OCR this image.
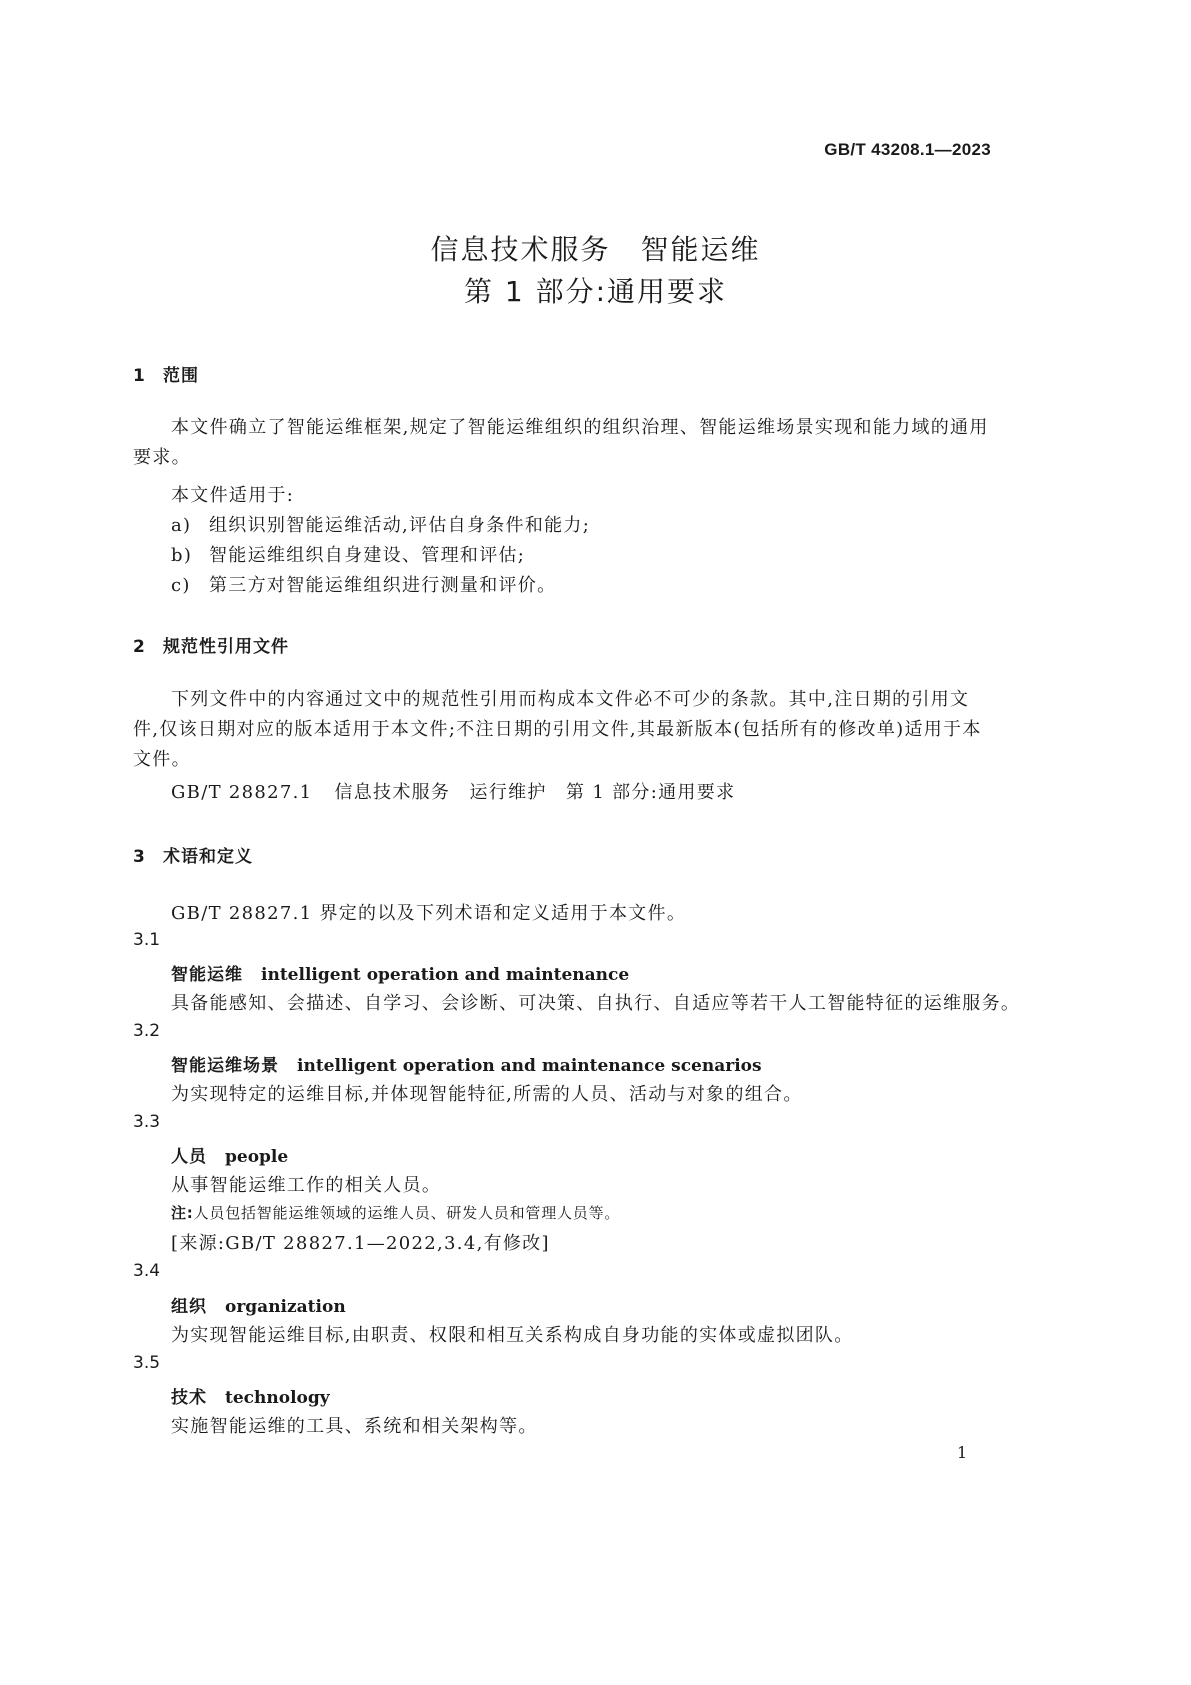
GB/T 43208.1—2023
信息技术服务　智能运维
第 1 部分:通用要求
1 范围
本文件确立了智能运维框架,规定了智能运维组织的组织治理、智能运维场景实现和能力域的通用要求。
本文件适用于:
a) 组织识别智能运维活动,评估自身条件和能力;
b) 智能运维组织自身建设、管理和评估;
c) 第三方对智能运维组织进行测量和评价。
2 规范性引用文件
下列文件中的内容通过文中的规范性引用而构成本文件必不可少的条款。其中,注日期的引用文件,仅该日期对应的版本适用于本文件;不注日期的引用文件,其最新版本(包括所有的修改单)适用于本文件。
GB/T 28827.1 信息技术服务　运行维护　第 1 部分:通用要求
3 术语和定义
GB/T 28827.1 界定的以及下列术语和定义适用于本文件。
3.1
智能运维 intelligent operation and maintenance
具备能感知、会描述、自学习、会诊断、可决策、自执行、自适应等若干人工智能特征的运维服务。
3.2
智能运维场景 intelligent operation and maintenance scenarios
为实现特定的运维目标,并体现智能特征,所需的人员、活动与对象的组合。
3.3
人员 people
从事智能运维工作的相关人员。
注:人员包括智能运维领域的运维人员、研发人员和管理人员等。
[来源:GB/T 28827.1—2022,3.4,有修改]
3.4
组织 organization
为实现智能运维目标,由职责、权限和相互关系构成自身功能的实体或虚拟团队。
3.5
技术 technology
实施智能运维的工具、系统和相关架构等。
1
